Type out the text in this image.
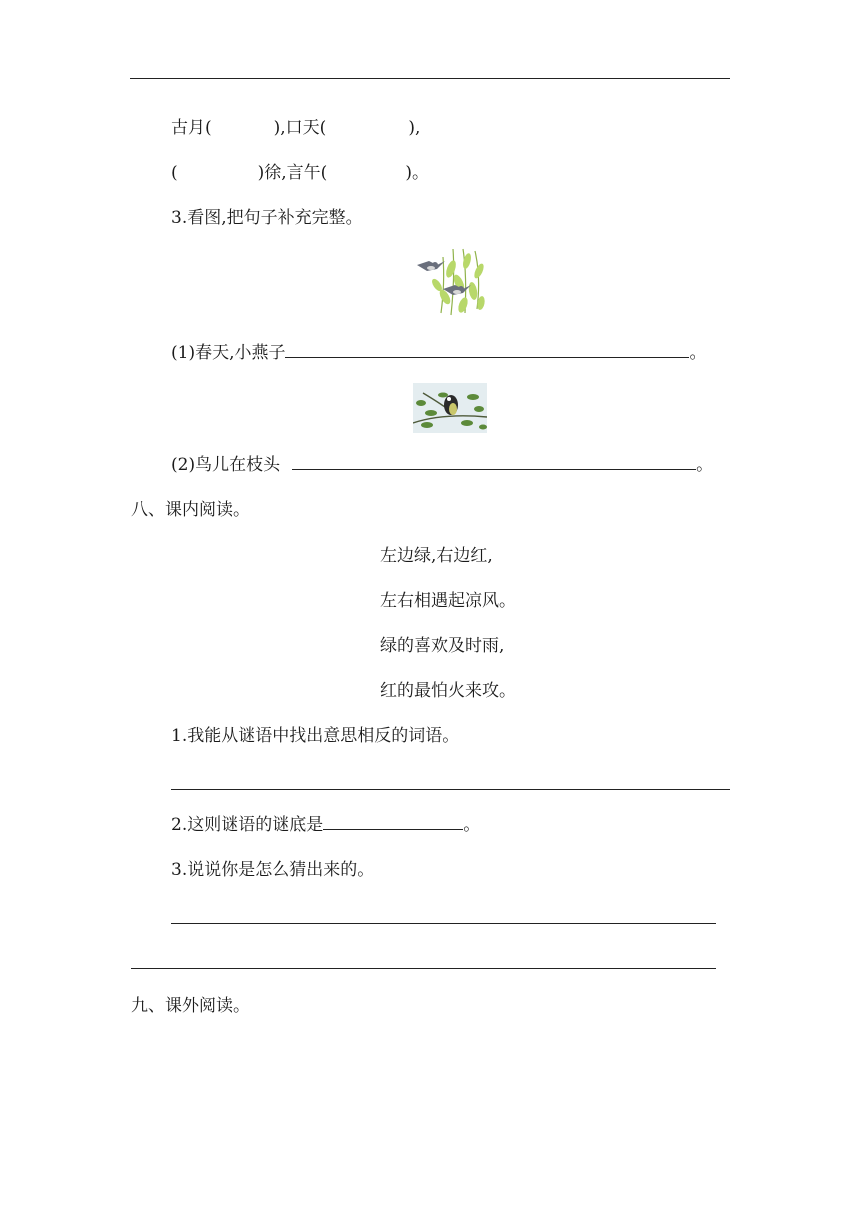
古月(	),口天(	),
(	)徐,言午(	)。
3.看图,把句子补充完整。
(1)春天,小燕子	。
(2)鸟儿在枝头	。
八、课内阅读。
左边绿,右边红,
左右相遇起凉风。
绿的喜欢及时雨,
红的最怕火来攻。
1.我能从谜语中找出意思相反的词语。
2.这则谜语的谜底是	。
3.说说你是怎么猜出来的。
九、课外阅读。
